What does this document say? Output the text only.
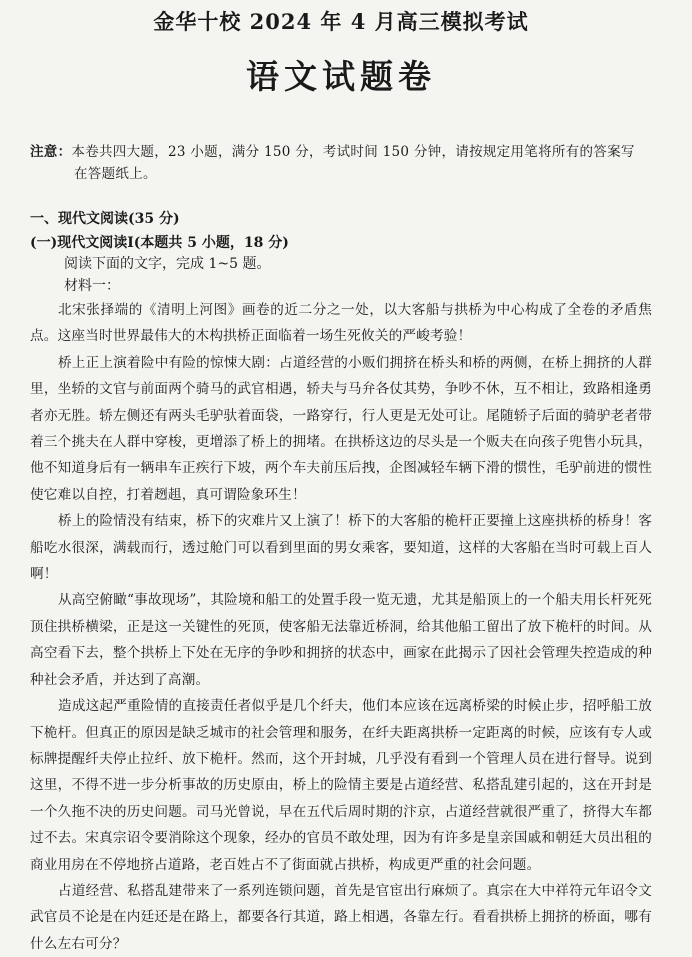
金华十校 2024 年 4 月高三模拟考试
语文试题卷
注意：本卷共四大题，23 小题，满分 150 分，考试时间 150 分钟，请按规定用笔将所有的答案写
在答题纸上。
一、现代文阅读(35 分)
(一)现代文阅读Ⅰ(本题共 5 小题，18 分)
阅读下面的文字，完成 1~5 题。
材料一：

北宋张择端的《清明上河图》画卷的近二分之一处，以大客船与拱桥为中心构成了全卷的矛盾焦点。这座当时世界最伟大的木构拱桥正面临着一场生死攸关的严峻考验！

桥上正上演着险中有险的惊悚大剧：占道经营的小贩们拥挤在桥头和桥的两侧，在桥上拥挤的人群里，坐轿的文官与前面两个骑马的武官相遇，轿夫与马弁各仗其势，争吵不休，互不相让，致路相逢勇者亦无胜。轿左侧还有两头毛驴驮着面袋，一路穿行，行人更是无处可让。尾随轿子后面的骑驴老者带着三个挑夫在人群中穿梭，更增添了桥上的拥堵。在拱桥这边的尽头是一个贩夫在向孩子兜售小玩具，他不知道身后有一辆串车正疾行下坡，两个车夫前压后拽，企图减轻车辆下滑的惯性，毛驴前进的惯性使它难以自控，打着趔趄，真可谓险象环生！

桥上的险情没有结束，桥下的灾难片又上演了！桥下的大客船的桅杆正要撞上这座拱桥的桥身！客船吃水很深，满载而行，透过舱门可以看到里面的男女乘客，要知道，这样的大客船在当时可载上百人啊！

从高空俯瞰“事故现场”，其险境和船工的处置手段一览无遗，尤其是船顶上的一个船夫用长杆死死顶住拱桥横梁，正是这一关键性的死顶，使客船无法靠近桥洞，给其他船工留出了放下桅杆的时间。从高空看下去，整个拱桥上下处在无序的争吵和拥挤的状态中，画家在此揭示了因社会管理失控造成的种种社会矛盾，并达到了高潮。

造成这起严重险情的直接责任者似乎是几个纤夫，他们本应该在远离桥梁的时候止步，招呼船工放下桅杆。但真正的原因是缺乏城市的社会管理和服务，在纤夫距离拱桥一定距离的时候，应该有专人或标牌提醒纤夫停止拉纤、放下桅杆。然而，这个开封城，几乎没有看到一个管理人员在进行督导。说到这里，不得不进一步分析事故的历史原由，桥上的险情主要是占道经营、私搭乱建引起的，这在开封是一个久拖不决的历史问题。司马光曾说，早在五代后周时期的汴京，占道经营就很严重了，挤得大车都过不去。宋真宗诏令要消除这个现象，经办的官员不敢处理，因为有许多是皇亲国戚和朝廷大员出租的商业用房在不停地挤占道路，老百姓占不了街面就占拱桥，构成更严重的社会问题。

占道经营、私搭乱建带来了一系列连锁问题，首先是官宦出行麻烦了。真宗在大中祥符元年诏令文武官员不论是在内廷还是在路上，都要各行其道，路上相遇，各靠左行。看看拱桥上拥挤的桥面，哪有什么左右可分？
